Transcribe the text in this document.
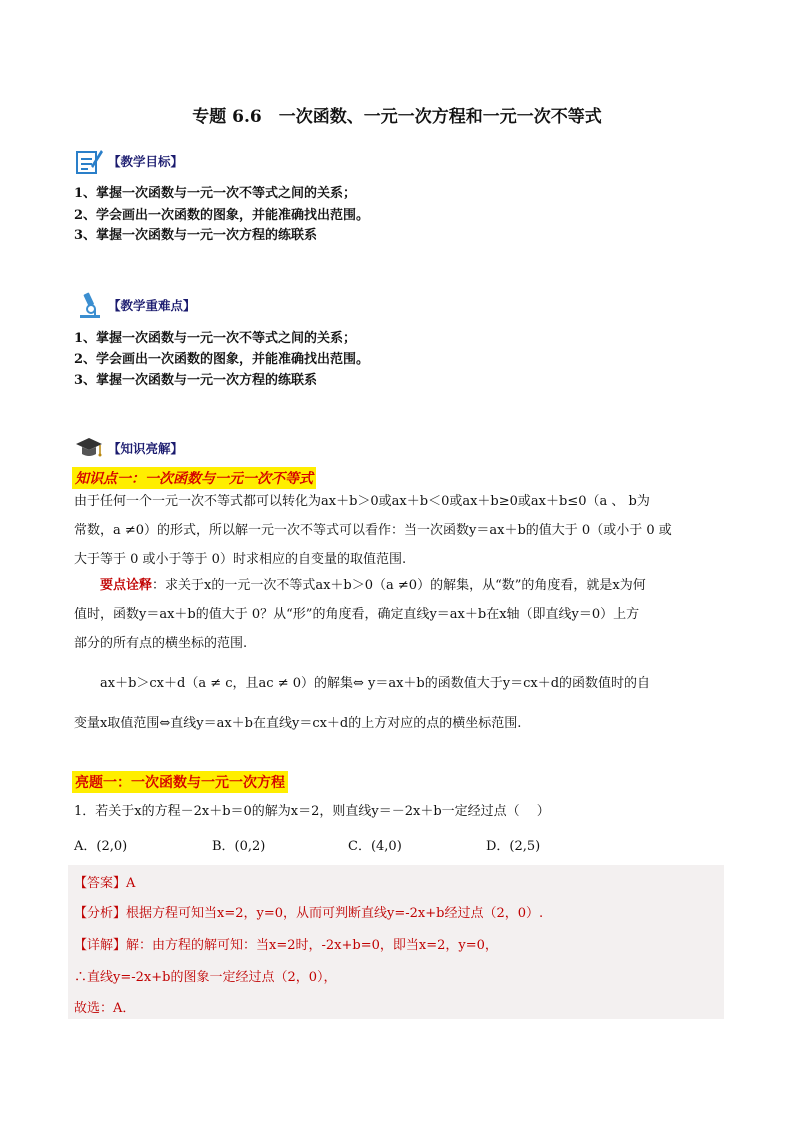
专题 6.6　一次函数、一元一次方程和一元一次不等式
【教学目标】
1、掌握一次函数与一元一次不等式之间的关系；
2、学会画出一次函数的图象，并能准确找出范围。
3、掌握一次函数与一元一次方程的练联系
【教学重难点】
1、掌握一次函数与一元一次不等式之间的关系；
2、学会画出一次函数的图象，并能准确找出范围。
3、掌握一次函数与一元一次方程的练联系
【知识亮解】
知识点一：一次函数与一元一次不等式
由于任何一个一元一次不等式都可以转化为ax＋b＞0或ax＋b＜0或ax＋b≥0或ax＋b≤0（a 、 b为
常数，a ≠0）的形式，所以解一元一次不等式可以看作：当一次函数y＝ax＋b的值大于 0（或小于 0 或
大于等于 0 或小于等于 0）时求相应的自变量的取值范围.
要点诠释：求关于x的一元一次不等式ax＋b＞0（a ≠0）的解集，从“数”的角度看，就是x为何
值时，函数y＝ax＋b的值大于 0？从“形”的角度看，确定直线y＝ax＋b在x轴（即直线y＝0）上方
部分的所有点的横坐标的范围.
ax＋b＞cx＋d（a ≠ c，且ac ≠ 0）的解集⇔ y＝ax＋b的函数值大于y＝cx＋d的函数值时的自
变量x取值范围⇔直线y＝ax＋b在直线y＝cx＋d的上方对应的点的横坐标范围.
亮题一：一次函数与一元一次方程
1．若关于x的方程－2x＋b＝0的解为x＝2，则直线y＝－2x＋b一定经过点（　 ）
A．(2,0)	B．(0,2)	C．(4,0)	D．(2,5)
【答案】A
【分析】根据方程可知当x=2，y=0，从而可判断直线y=-2x+b经过点（2，0）.
【详解】解：由方程的解可知：当x=2时，-2x+b=0，即当x=2，y=0，
∴直线y=-2x+b的图象一定经过点（2，0），
故选：A．
